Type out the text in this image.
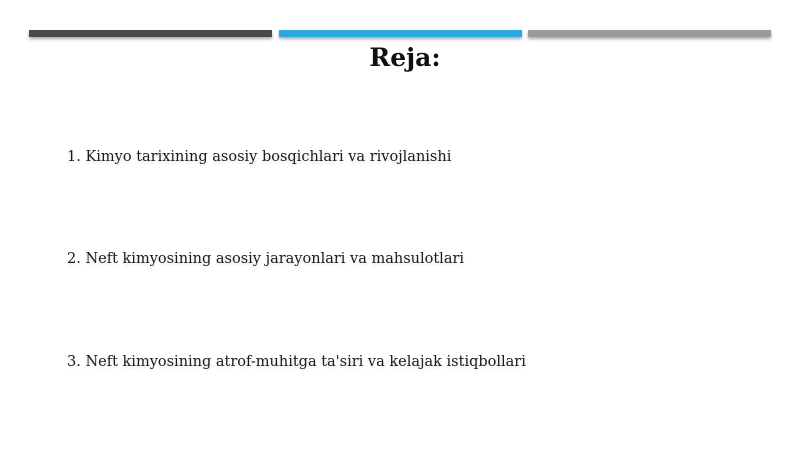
Reja:
1. Kimyo tarixining asosiy bosqichlari va rivojlanishi
2. Neft kimyosining asosiy jarayonlari va mahsulotlari
3. Neft kimyosining atrof-muhitga ta'siri va kelajak istiqbollari
